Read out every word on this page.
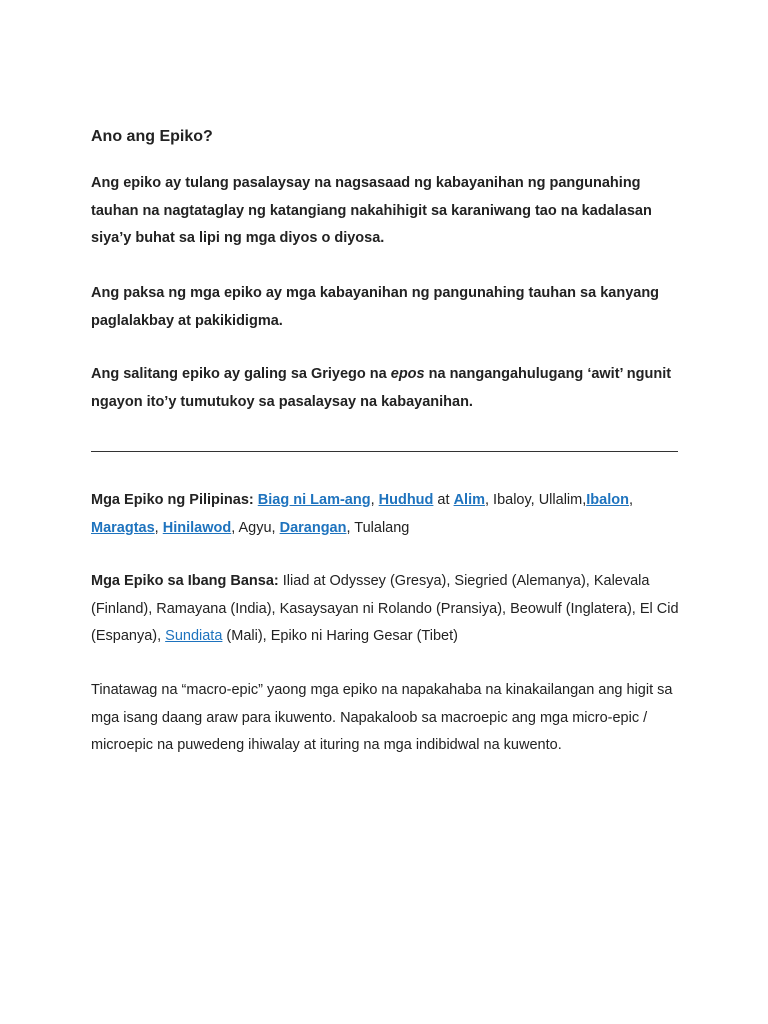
Ano ang Epiko?

Ang epiko ay tulang pasalaysay na nagsasaad ng kabayanihan ng pangunahing tauhan na nagtataglay ng katangiang nakahihigit sa karaniwang tao na kadalasan siya’y buhat sa lipi ng mga diyos o diyosa.

Ang paksa ng mga epiko ay mga kabayanihan ng pangunahing tauhan sa kanyang paglalakbay at pakikidigma.

Ang salitang epiko ay galing sa Griyego na epos na nangangahulugang ‘awit’ ngunit ngayon ito’y tumutukoy sa pasalaysay na kabayanihan.

Mga Epiko ng Pilipinas: Biag ni Lam-ang, Hudhud at Alim, Ibaloy, Ullalim,Ibalon, Maragtas, Hinilawod, Agyu, Darangan, Tulalang

Mga Epiko sa Ibang Bansa: Iliad at Odyssey (Gresya), Siegried (Alemanya), Kalevala (Finland), Ramayana (India), Kasaysayan ni Rolando (Pransiya), Beowulf (Inglatera), El Cid (Espanya), Sundiata (Mali), Epiko ni Haring Gesar (Tibet)

Tinatawag na “macro-epic” yaong mga epiko na napakahaba na kinakailangan ang higit sa mga isang daang araw para ikuwento. Napakaloob sa macroepic ang mga micro-epic / microepic na puwedeng ihiwalay at ituring na mga indibidwal na kuwento.
